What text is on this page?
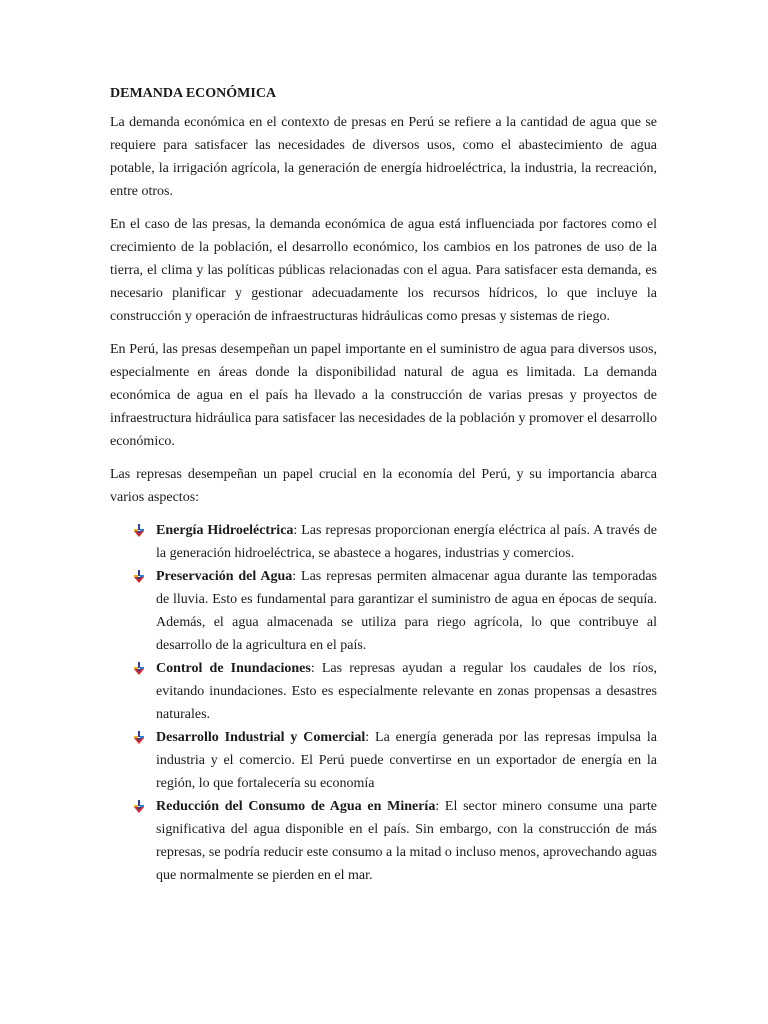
DEMANDA ECONÓMICA

La demanda económica en el contexto de presas en Perú se refiere a la cantidad de agua que se requiere para satisfacer las necesidades de diversos usos, como el abastecimiento de agua potable, la irrigación agrícola, la generación de energía hidroeléctrica, la industria, la recreación, entre otros.

En el caso de las presas, la demanda económica de agua está influenciada por factores como el crecimiento de la población, el desarrollo económico, los cambios en los patrones de uso de la tierra, el clima y las políticas públicas relacionadas con el agua. Para satisfacer esta demanda, es necesario planificar y gestionar adecuadamente los recursos hídricos, lo que incluye la construcción y operación de infraestructuras hidráulicas como presas y sistemas de riego.

En Perú, las presas desempeñan un papel importante en el suministro de agua para diversos usos, especialmente en áreas donde la disponibilidad natural de agua es limitada. La demanda económica de agua en el país ha llevado a la construcción de varias presas y proyectos de infraestructura hidráulica para satisfacer las necesidades de la población y promover el desarrollo económico.

Las represas desempeñan un papel crucial en la economía del Perú, y su importancia abarca varios aspectos:

Energía Hidroeléctrica: Las represas proporcionan energía eléctrica al país. A través de la generación hidroeléctrica, se abastece a hogares, industrias y comercios.
Preservación del Agua: Las represas permiten almacenar agua durante las temporadas de lluvia. Esto es fundamental para garantizar el suministro de agua en épocas de sequía. Además, el agua almacenada se utiliza para riego agrícola, lo que contribuye al desarrollo de la agricultura en el país.
Control de Inundaciones: Las represas ayudan a regular los caudales de los ríos, evitando inundaciones. Esto es especialmente relevante en zonas propensas a desastres naturales.
Desarrollo Industrial y Comercial: La energía generada por las represas impulsa la industria y el comercio. El Perú puede convertirse en un exportador de energía en la región, lo que fortalecería su economía
Reducción del Consumo de Agua en Minería: El sector minero consume una parte significativa del agua disponible en el país. Sin embargo, con la construcción de más represas, se podría reducir este consumo a la mitad o incluso menos, aprovechando aguas que normalmente se pierden en el mar.
